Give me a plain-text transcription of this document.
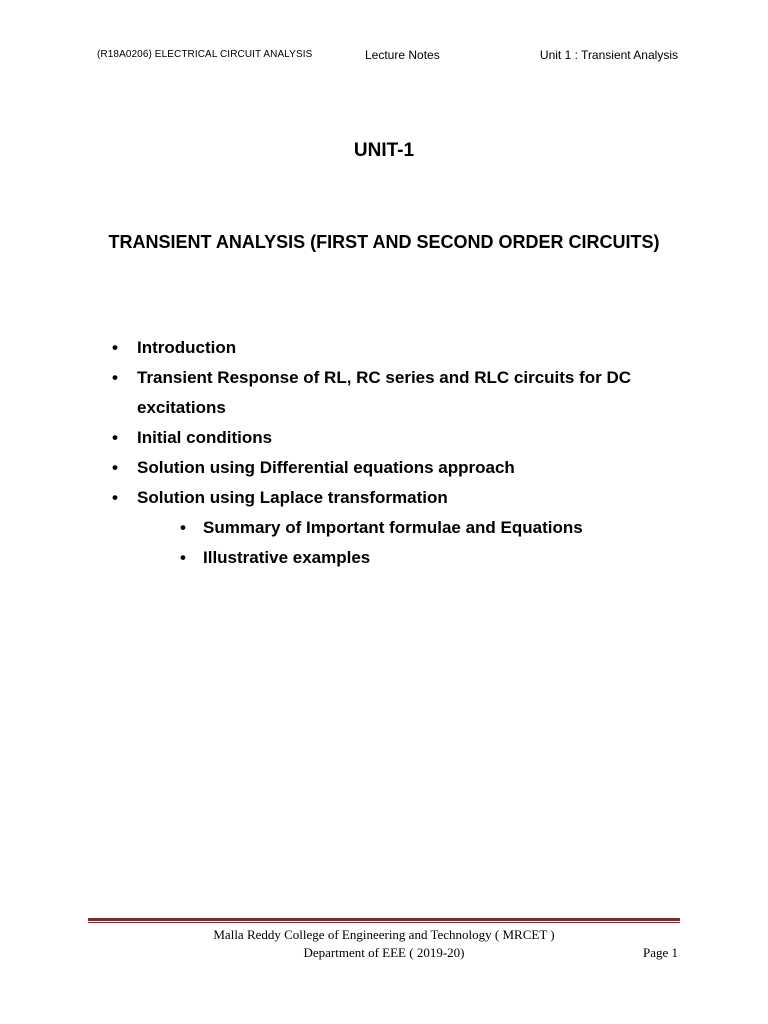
(R18A0206) ELECTRICAL CIRCUIT ANALYSIS	Lecture Notes	Unit 1 : Transient Analysis
UNIT-1
TRANSIENT ANALYSIS (FIRST AND SECOND ORDER CIRCUITS)
• Introduction
• Transient Response of RL, RC series and RLC circuits for DC excitations
• Initial conditions
• Solution using Differential equations approach
• Solution using Laplace transformation
• Summary of Important formulae and Equations
• Illustrative examples
Malla Reddy College of Engineering and Technology ( MRCET )
Department of EEE ( 2019-20)	Page 1
